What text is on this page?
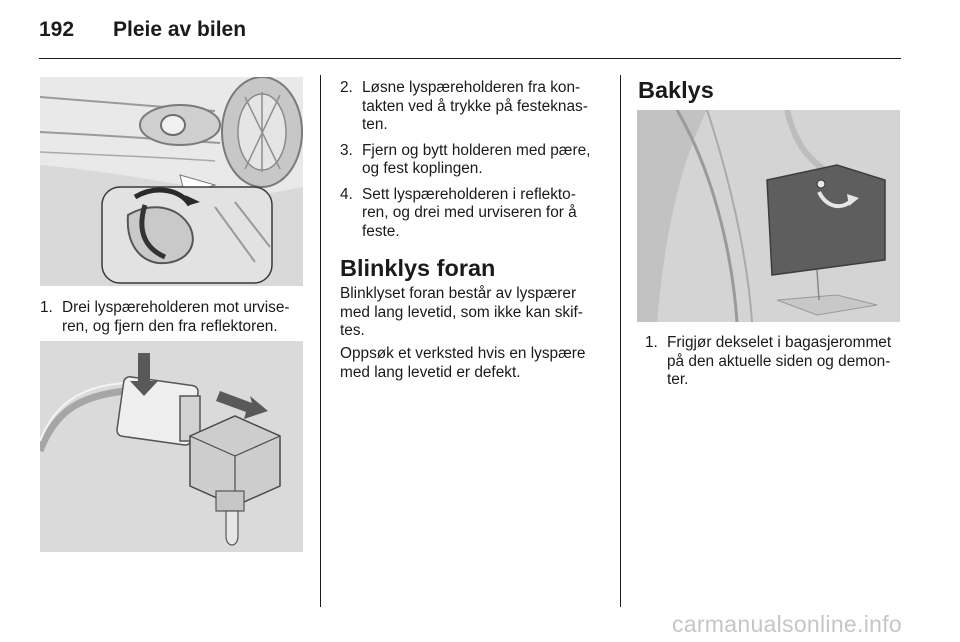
192 Pleie av bilen
1. Drei lyspæreholderen mot urvise-
ren, og fjern den fra reflektoren.
2. Løsne lyspæreholderen fra kon-
takten ved å trykke på festeknas-
ten.
3. Fjern og bytt holderen med pære,
og fest koplingen.
4. Sett lyspæreholderen i reflekto-
ren, og drei med urviseren for å
feste.
Blinklys foran

Blinklyset foran består av lyspærer
med lang levetid, som ikke kan skif-
tes.

Oppsøk et verksted hvis en lyspære
med lang levetid er defekt.

Baklys
1. Frigjør dekselet i bagasjerommet
på den aktuelle siden og demon-
ter.
carmanualsonline.info
